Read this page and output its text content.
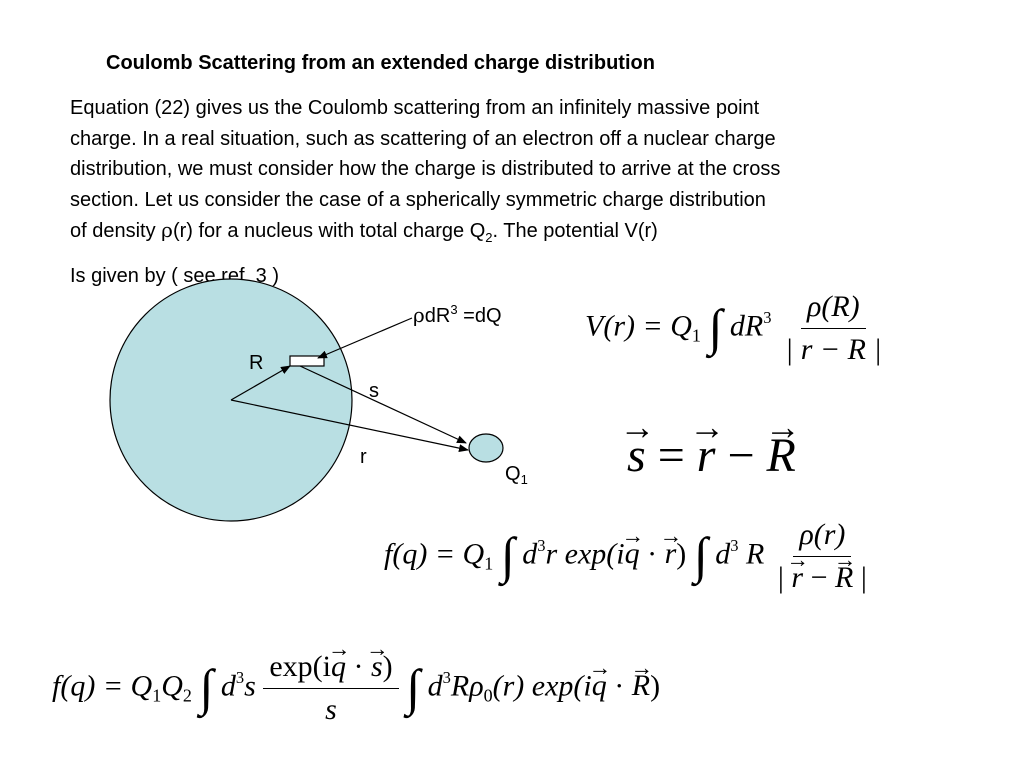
Coulomb Scattering from an extended charge distribution
Equation (22) gives us the Coulomb scattering from an infinitely massive point
charge. In a real situation, such as scattering of an electron off a nuclear charge
distribution, we must consider how the charge is distributed to arrive at the cross
section. Let us consider the case of a spherically symmetric charge distribution
of density ρ(r) for a nucleus with total charge $Q_2$. The potential V(r)
Is given by ( see ref. 3 )
ρdR$^3$ =dQ
R
s
r
$Q_1$
$V(r) = Q_1$ ∫ $dR^3 \frac{\rho(R)}{| r - R |}$
→ s = → r − → R
$f(q) = Q_1$ ∫ $d^3r$ exp(i→ q · → r) ∫ $d^3$ R $\frac{\rho(r)}{| \to r - \to R |}$
$f(q) = Q_1Q_2$ ∫ $d^3s \frac{\exp(i\to q \cdot \to s)}{s}$ ∫ $d^3R\rho_0(r)$ exp(i→ q · → R)
